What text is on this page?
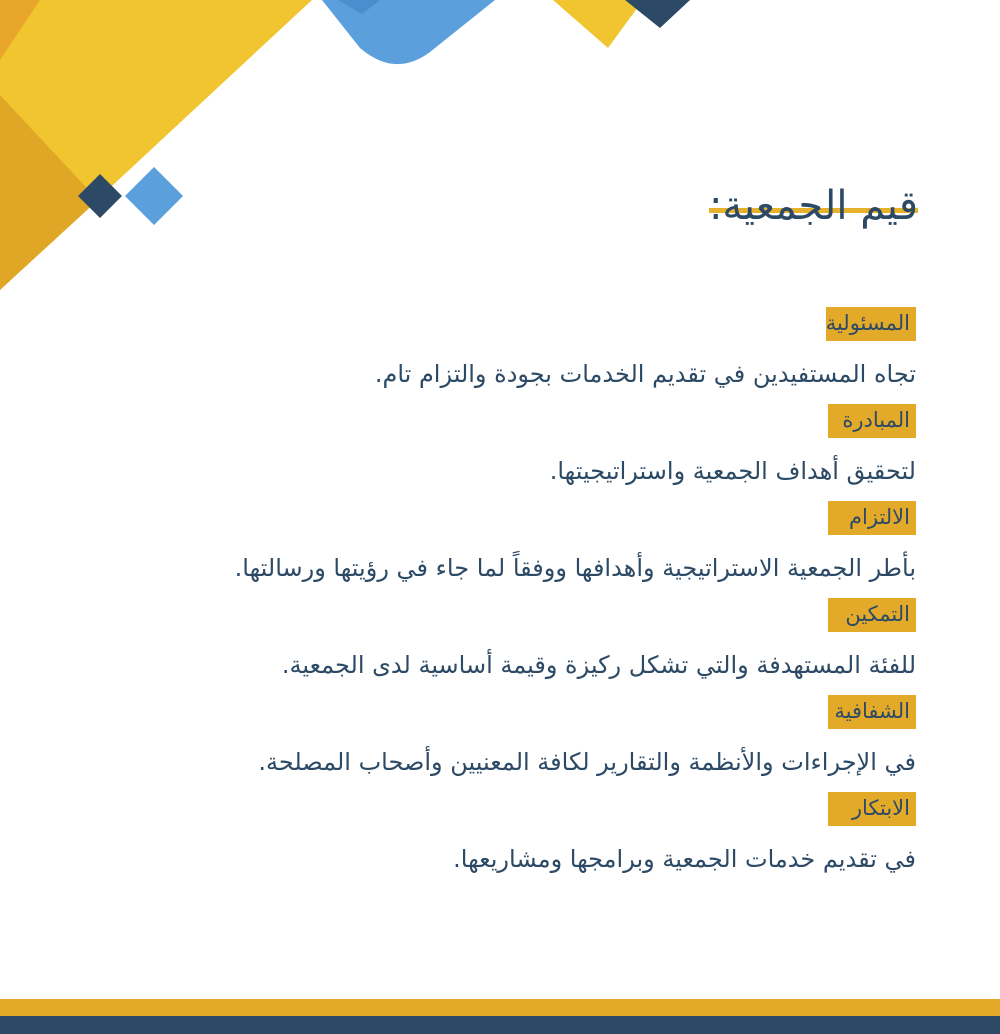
قيم الجمعية:
المسئولية

تجاه المستفيدين في تقديم الخدمات بجودة والتزام تام.

المبادرة

لتحقيق أهداف الجمعية واستراتيجيتها.

الالتزام

بأطر الجمعية الاستراتيجية وأهدافها ووفقاً لما جاء في رؤيتها ورسالتها.

التمكين

للفئة المستهدفة والتي تشكل ركيزة وقيمة أساسية لدى الجمعية.

الشفافية

في الإجراءات والأنظمة والتقارير لكافة المعنيين وأصحاب المصلحة.

الابتكار

في تقديم خدمات الجمعية وبرامجها ومشاريعها.
